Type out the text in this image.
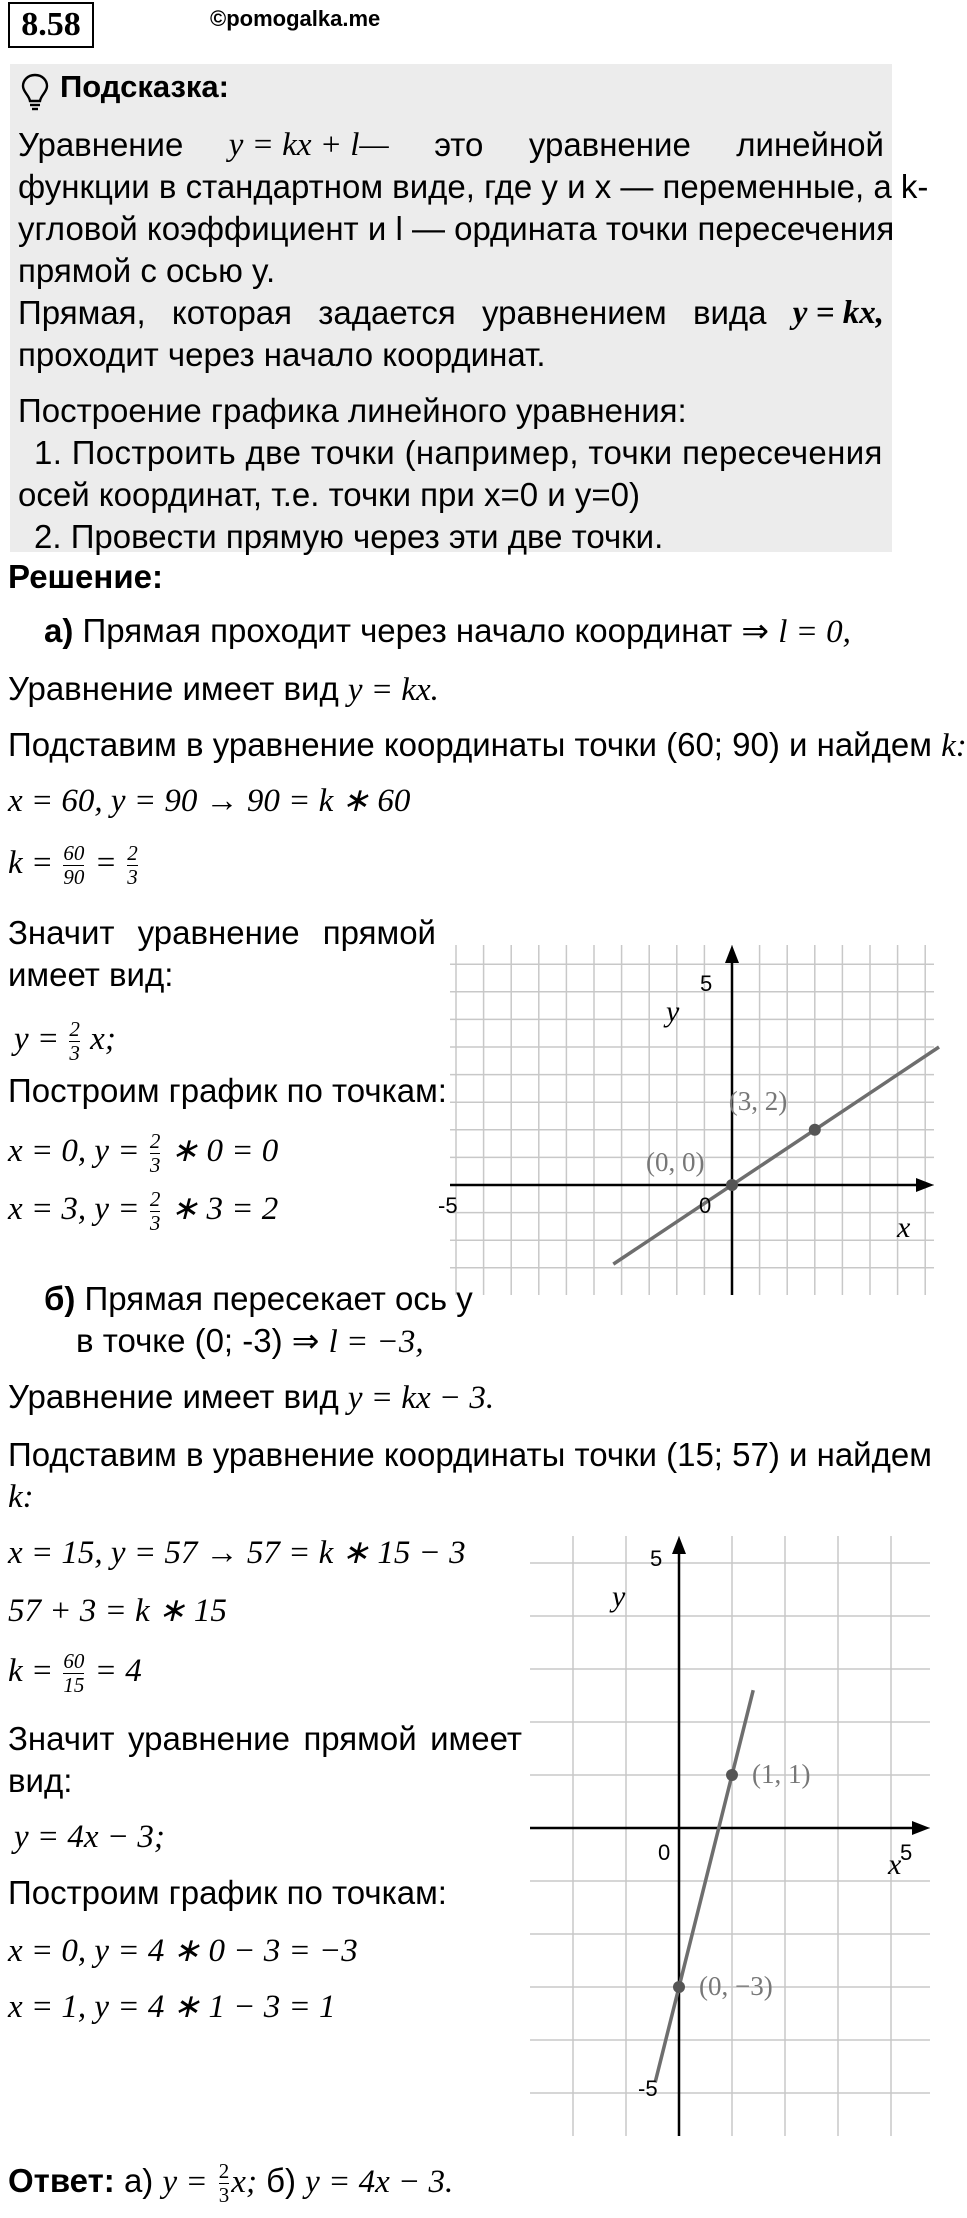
8.58	©pomogalka.me
Подсказка:
Уравнение y = kx + l— это уравнение линейной
функции в стандартном виде, где y и x — переменные, а k-
угловой коэффициент и l — ордината точки пересечения
прямой с осью y.
Прямая, которая задается уравнением вида y = kx,
проходит через начало координат.
Построение графика линейного уравнения:
1. Построить две точки (например, точки пересечения
осей координат, т.е. точки при х=0 и у=0)
2. Провести прямую через эти две точки.
Решение:
а) Прямая проходит через начало координат ⇒ l = 0,
Уравнение имеет вид y = kx.
Подставим в уравнение координаты точки (60; 90) и найдем k:
x = 60, y = 90 → 90 = k ∗ 60
$k = \frac{60}{90} = \frac{2}{3}$
Значит уравнение прямой
имеет вид:
$y = \frac{2}{3} x$;
Построим график по точкам:
x = 0, $y = \frac{2}{3}$ ∗ 0 = 0
x = 3, $y = \frac{2}{3}$ ∗ 3 = 2
(0, 0)
(3, 2)
y
x
5
-5	0
б) Прямая пересекает ось у
в точке (0; -3) ⇒ l = −3,
Уравнение имеет вид y = kx − 3.
Подставим в уравнение координаты точки (15; 57) и найдем
k:
x = 15, y = 57 → 57 = k ∗ 15 − 3
57 + 3 = k ∗ 15
$k = \frac{60}{15} = 4$
Значит уравнение прямой имеет
вид:
y = 4x − 3;
Построим график по точкам:
x = 0, y = 4 ∗ 0 − 3 = −3
x = 1, y = 4 ∗ 1 − 3 = 1
(1, 1)
(0, −3)
y
x
5
-5
5
0
Ответ: а) $y = \frac{2}{3} x$; б) y = 4x − 3.
